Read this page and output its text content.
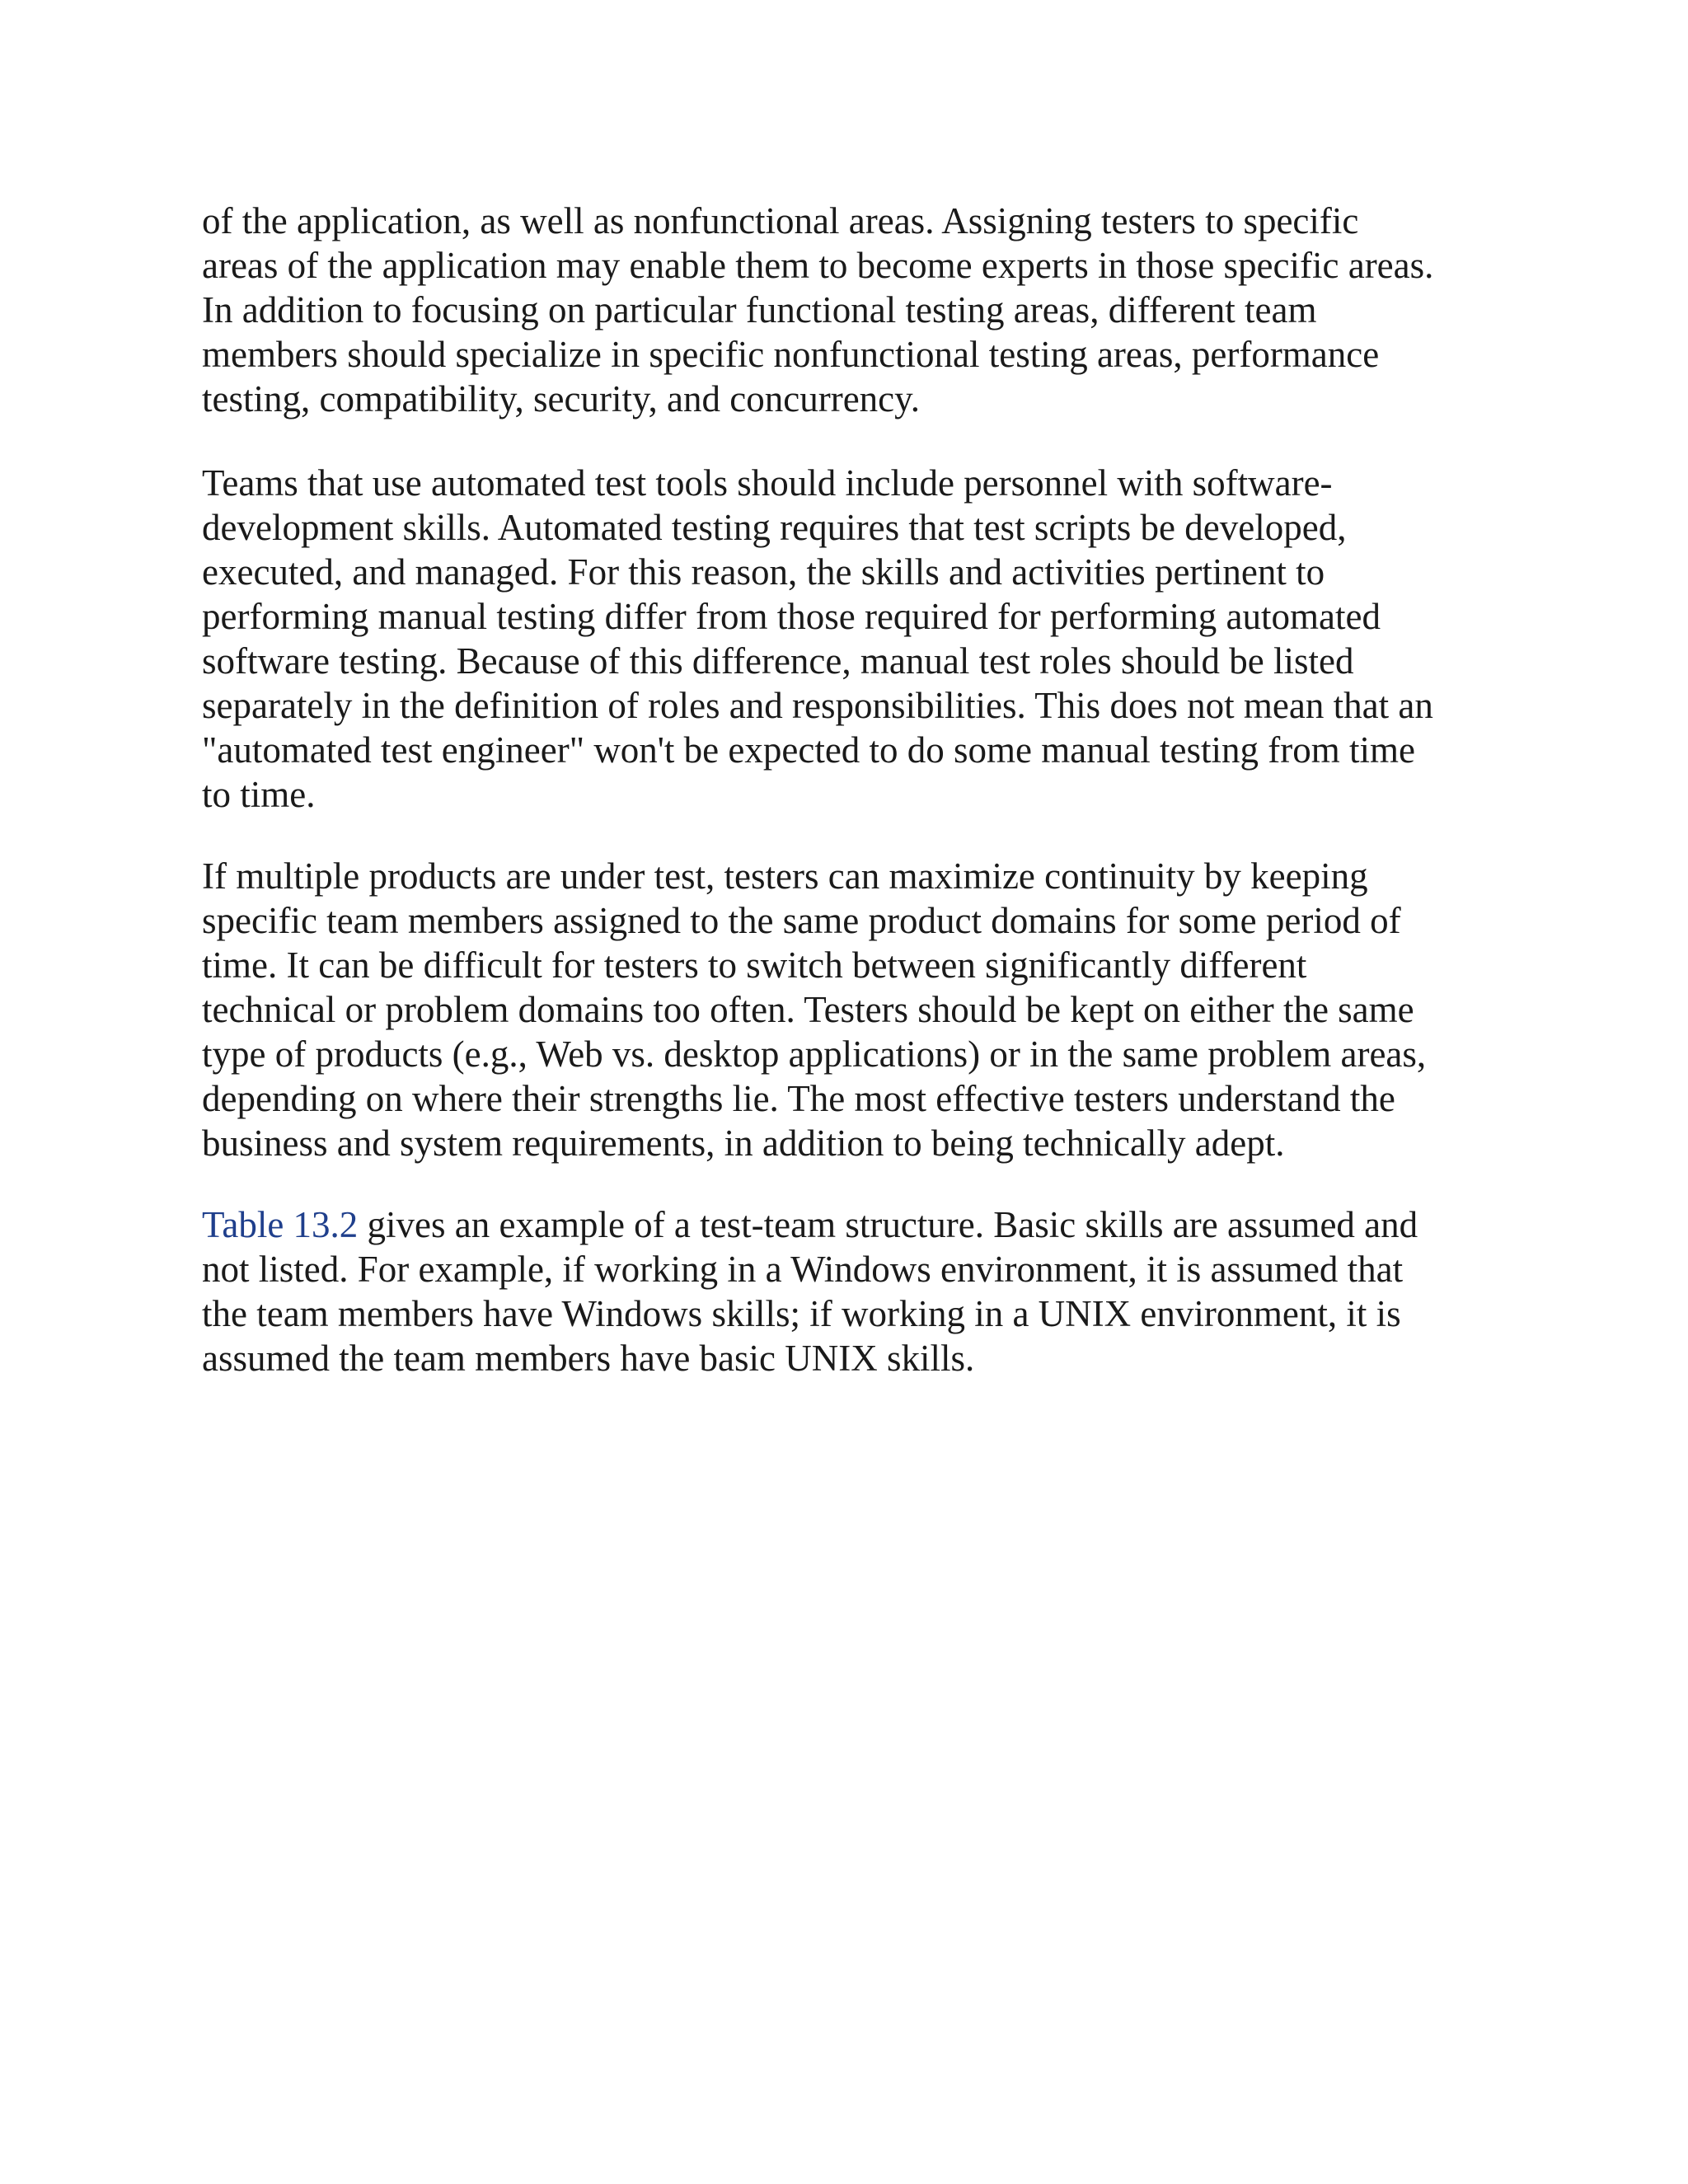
of the application, as well as nonfunctional areas. Assigning testers to specific
areas of the application may enable them to become experts in those specific areas.
In addition to focusing on particular functional testing areas, different team
members should specialize in specific nonfunctional testing areas, performance
testing, compatibility, security, and concurrency.
Teams that use automated test tools should include personnel with software-
development skills. Automated testing requires that test scripts be developed,
executed, and managed. For this reason, the skills and activities pertinent to
performing manual testing differ from those required for performing automated
software testing. Because of this difference, manual test roles should be listed
separately in the definition of roles and responsibilities. This does not mean that an
"automated test engineer" won't be expected to do some manual testing from time
to time.
If multiple products are under test, testers can maximize continuity by keeping
specific team members assigned to the same product domains for some period of
time. It can be difficult for testers to switch between significantly different
technical or problem domains too often. Testers should be kept on either the same
type of products (e.g., Web vs. desktop applications) or in the same problem areas,
depending on where their strengths lie. The most effective testers understand the
business and system requirements, in addition to being technically adept.
Table 13.2 gives an example of a test-team structure. Basic skills are assumed and
not listed. For example, if working in a Windows environment, it is assumed that
the team members have Windows skills; if working in a UNIX environment, it is
assumed the team members have basic UNIX skills.
